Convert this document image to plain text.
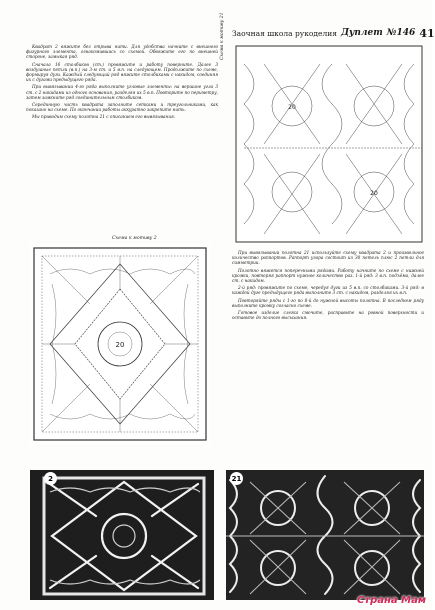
Заочная школа рукоделия Дуплет №146 41

Квадрат 2 вяжите без отрыва нити. Для удобства начните с внешнего фигурного элемента, ознакомившись со схемой. Обвяжите его по внешней стороне, замыкая ряд.

Сначала 16 столбиков (ст.) провяжите и работу поверните. Далее 3 воздушные петли (в.п.) на 3-м ст. и 5 в.п. на следующем. Продолжите по схеме, формируя дуги. Каждый следующий ряд вяжите столбиками с накидом, соединяя их с дугами предыдущего ряда.

При вывязывании 4-го ряда выполните угловые элементы: на вершине угла 3 ст. с 2 накидами из одного основания, разделяя их 5 в.п. Повторите по периметру, затем замкните ряд соединительным столбиком.

Серединную часть квадрата заполните сетками и треугольниками, как показано на схеме. По окончании работы аккуратно закрепите нить.

Мы приводим схему полотна 21 с описанием его вывязывания.

При вывязывании полотна 21 используйте схему квадрата 2 и произвольное количество раппортов. Раппорт узора состоит из 30 петель плюс 2 петли для симметрии.

Полотно вяжется поперечными рядами. Работу начните по схеме с нижней кромки, повторяя раппорт нужное количество раз. 1-й ряд: 3 в.п. подъёма, далее ст. с накидом.

2-й ряд: провяжите по схеме, чередуя дуги из 5 в.п. со столбиками. 3-й ряд: в каждой дуге предыдущего ряда выполните 3 ст. с накидом, разделяя их в.п.

Повторяйте ряды с 1-го по 8-й до нужной высоты полотна. В последнем ряду выполните кромку согласно схеме.

Готовое изделие слегка смочите, расправьте на ровной поверхности и оставьте до полного высыхания.

Схема к мотиву 2
20
20
20
Схема к мотиву 21
2	21
Страна Мам
